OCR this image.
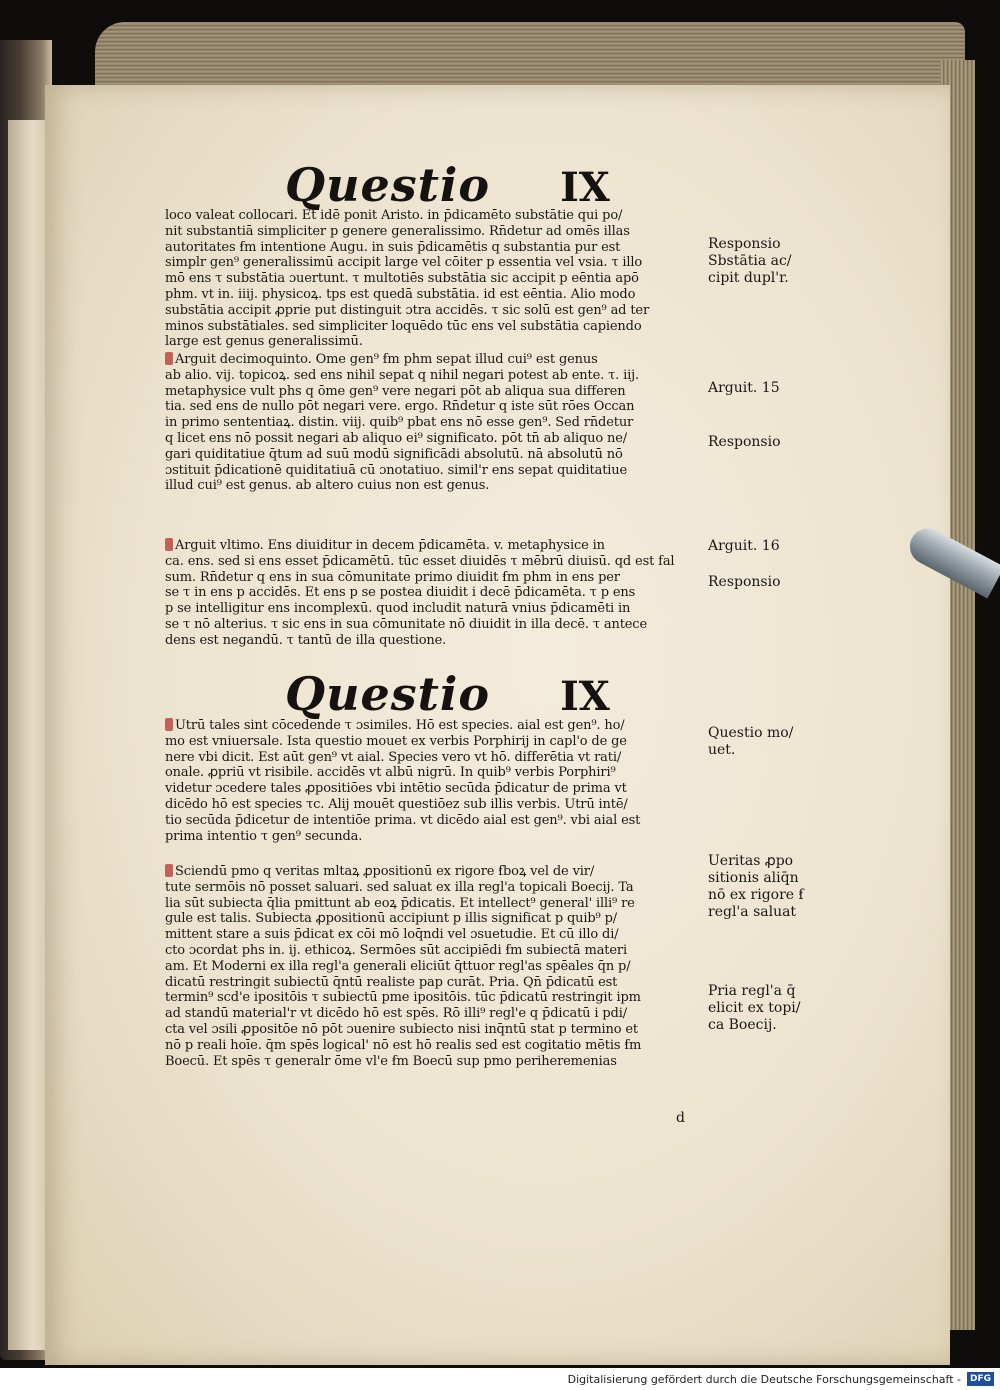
Questio IX
loco valeat collocari. Et idē ponit Aristo. in p̄dicamēto substātie qui po/
nit substantiā simpliciter p genere generalissimo. Rn̄detur ad omēs illas
autoritates ẜm intentione Augu. in suis p̄dicamētis q substantia pur est
simplr gen⁹ generalissimū accipit large vel cōiter p essentia vel vsia. τ illo
mō ens τ substātia ɔuertunt. τ multotiēs substātia sic accipit p eēntia apō
phm. vt in. iiij. physicoꝝ. tps est quedā substātia. id est eēntia. Alio modo
substātia accipit ꝓprie put distinguit ɔtra accidēs. τ sic solū est gen⁹ ad ter
minos substātiales. sed simpliciter loquēdo tūc ens vel substātia capiendo
large est genus generalissimū.
Arguit decimoquinto. Ōme gen⁹ ẜm phm sepat illud cui⁹ est genus
ab alio. vij. topicoꝝ. sed ens nihil sepat q nihil negari potest ab ente. τ. iij.
metaphysice vult phs q ōme gen⁹ vere negari pōt ab aliqua sua differen
tia. sed ens de nullo pōt negari vere. ergo. Rn̄detur q iste sūt rōes Occan
in primo sententiaꝝ. distin. viij. quib⁹ pbat ens nō esse gen⁹. Sed rn̄detur
q licet ens nō possit negari ab aliquo ei⁹ significato. pōt tn̄ ab aliquo ne/
gari quiditatiue q̄tum ad suū modū significādi absolutū. nā absolutū nō
ɔstituit p̄dicationē quiditatiuā cū ɔnotatiuo. simil'r ens sepat quiditatiue
illud cui⁹ est genus. ab altero cuius non est genus.
Arguit vltimo. Ens diuiditur in decem p̄dicamēta. v. metaphysice in
ca. ens. sed si ens esset p̄dicamētū. tūc esset diuidēs τ mēbrū diuisū. qd est fal
sum. Rn̄detur q ens in sua cōmunitate primo diuidit ẜm phm in ens per
se τ in ens p accidēs. Et ens p se postea diuidit i decē p̄dicamēta. τ p ens
p se intelligitur ens incomplexū. quod includit naturā vnius p̄dicamēti in
se τ nō alterius. τ sic ens in sua cōmunitate nō diuidit in illa decē. τ antece
dens est negandū. τ tantū de illa questione.
Questio IX
Utrū tales sint cōcedende τ ɔsimiles. Hō est species. aial est gen⁹. ho/
mo est vniuersale. Ista questio mouet ex verbis Porphirij in capl'o de ge
nere vbi dicit. Est aūt gen⁹ vt aial. Species vero vt hō. differētia vt rati/
onale. ꝓpriū vt risibile. accidēs vt albū nigrū. In quib⁹ verbis Porphiri⁹
videtur ɔcedere tales ꝓpositiōes vbi intētio secūda p̄dicatur de prima vt
dicēdo hō est species τc. Alij mouēt questiōez sub illis verbis. Utrū intē/
tio secūda p̄dicetur de intentiōe prima. vt dicēdo aial est gen⁹. vbi aial est
prima intentio τ gen⁹ secunda.
Sciendū pmo q veritas mltaꝝ ꝓpositionū ex rigore ẜboꝝ vel de vir/
tute sermōis nō posset saluari. sed saluat ex illa regl'a topicali Boecij. Ta
lia sūt subiecta q̄lia pmittunt ab eoꝝ p̄dicatis. Et intellect⁹ general' illi⁹ re
gule est talis. Subiecta ꝓpositionū accipiunt p illis significat p quib⁹ p/
mittent stare a suis p̄dicat ex cōi mō loq̄ndi vel ɔsuetudie. Et cū illo di/
cto ɔcordat phs in. ij. ethicoꝝ. Sermōes sūt accipiēdi ẜm subiectā materi
am. Et Moderni ex illa regl'a generali eliciūt q̄ttuor regl'as spēales q̄n p/
dicatū restringit subiectū q̄ntū realiste pap curāt. Pria. Qn̄ p̄dicatū est
termin⁹ scd'e ipositōis τ subiectū pme ipositōis. tūc p̄dicatū restringit ipm
ad standū material'r vt dicēdo hō est spēs. Rō illi⁹ regl'e q p̄dicatū i pdi/
cta vel ɔsili ꝓpositōe nō pōt ɔuenire subiecto nisi inq̄ntū stat p termino et
nō p reali hoīe. q̄m spēs logical' nō est hō realis sed est cogitatio mētis ẜm
Boecū. Et spēs τ generalr ōme vl'e ẜm Boecū sup pmo periheremenias
Responsio
Sbstātia ac/
cipit dupl'r.
Arguit. 15
Responsio
Arguit. 16
Responsio
Questio mo/
uet.
Ueritas ꝓpo
sitionis aliq̄n
nō ex rigore ẜ
regl'a saluat
Pria regl'a q̄
elicit ex topi/
ca Boecij.
d
Digitalisierung gefördert durch die Deutsche Forschungsgemeinschaft -	DFG
